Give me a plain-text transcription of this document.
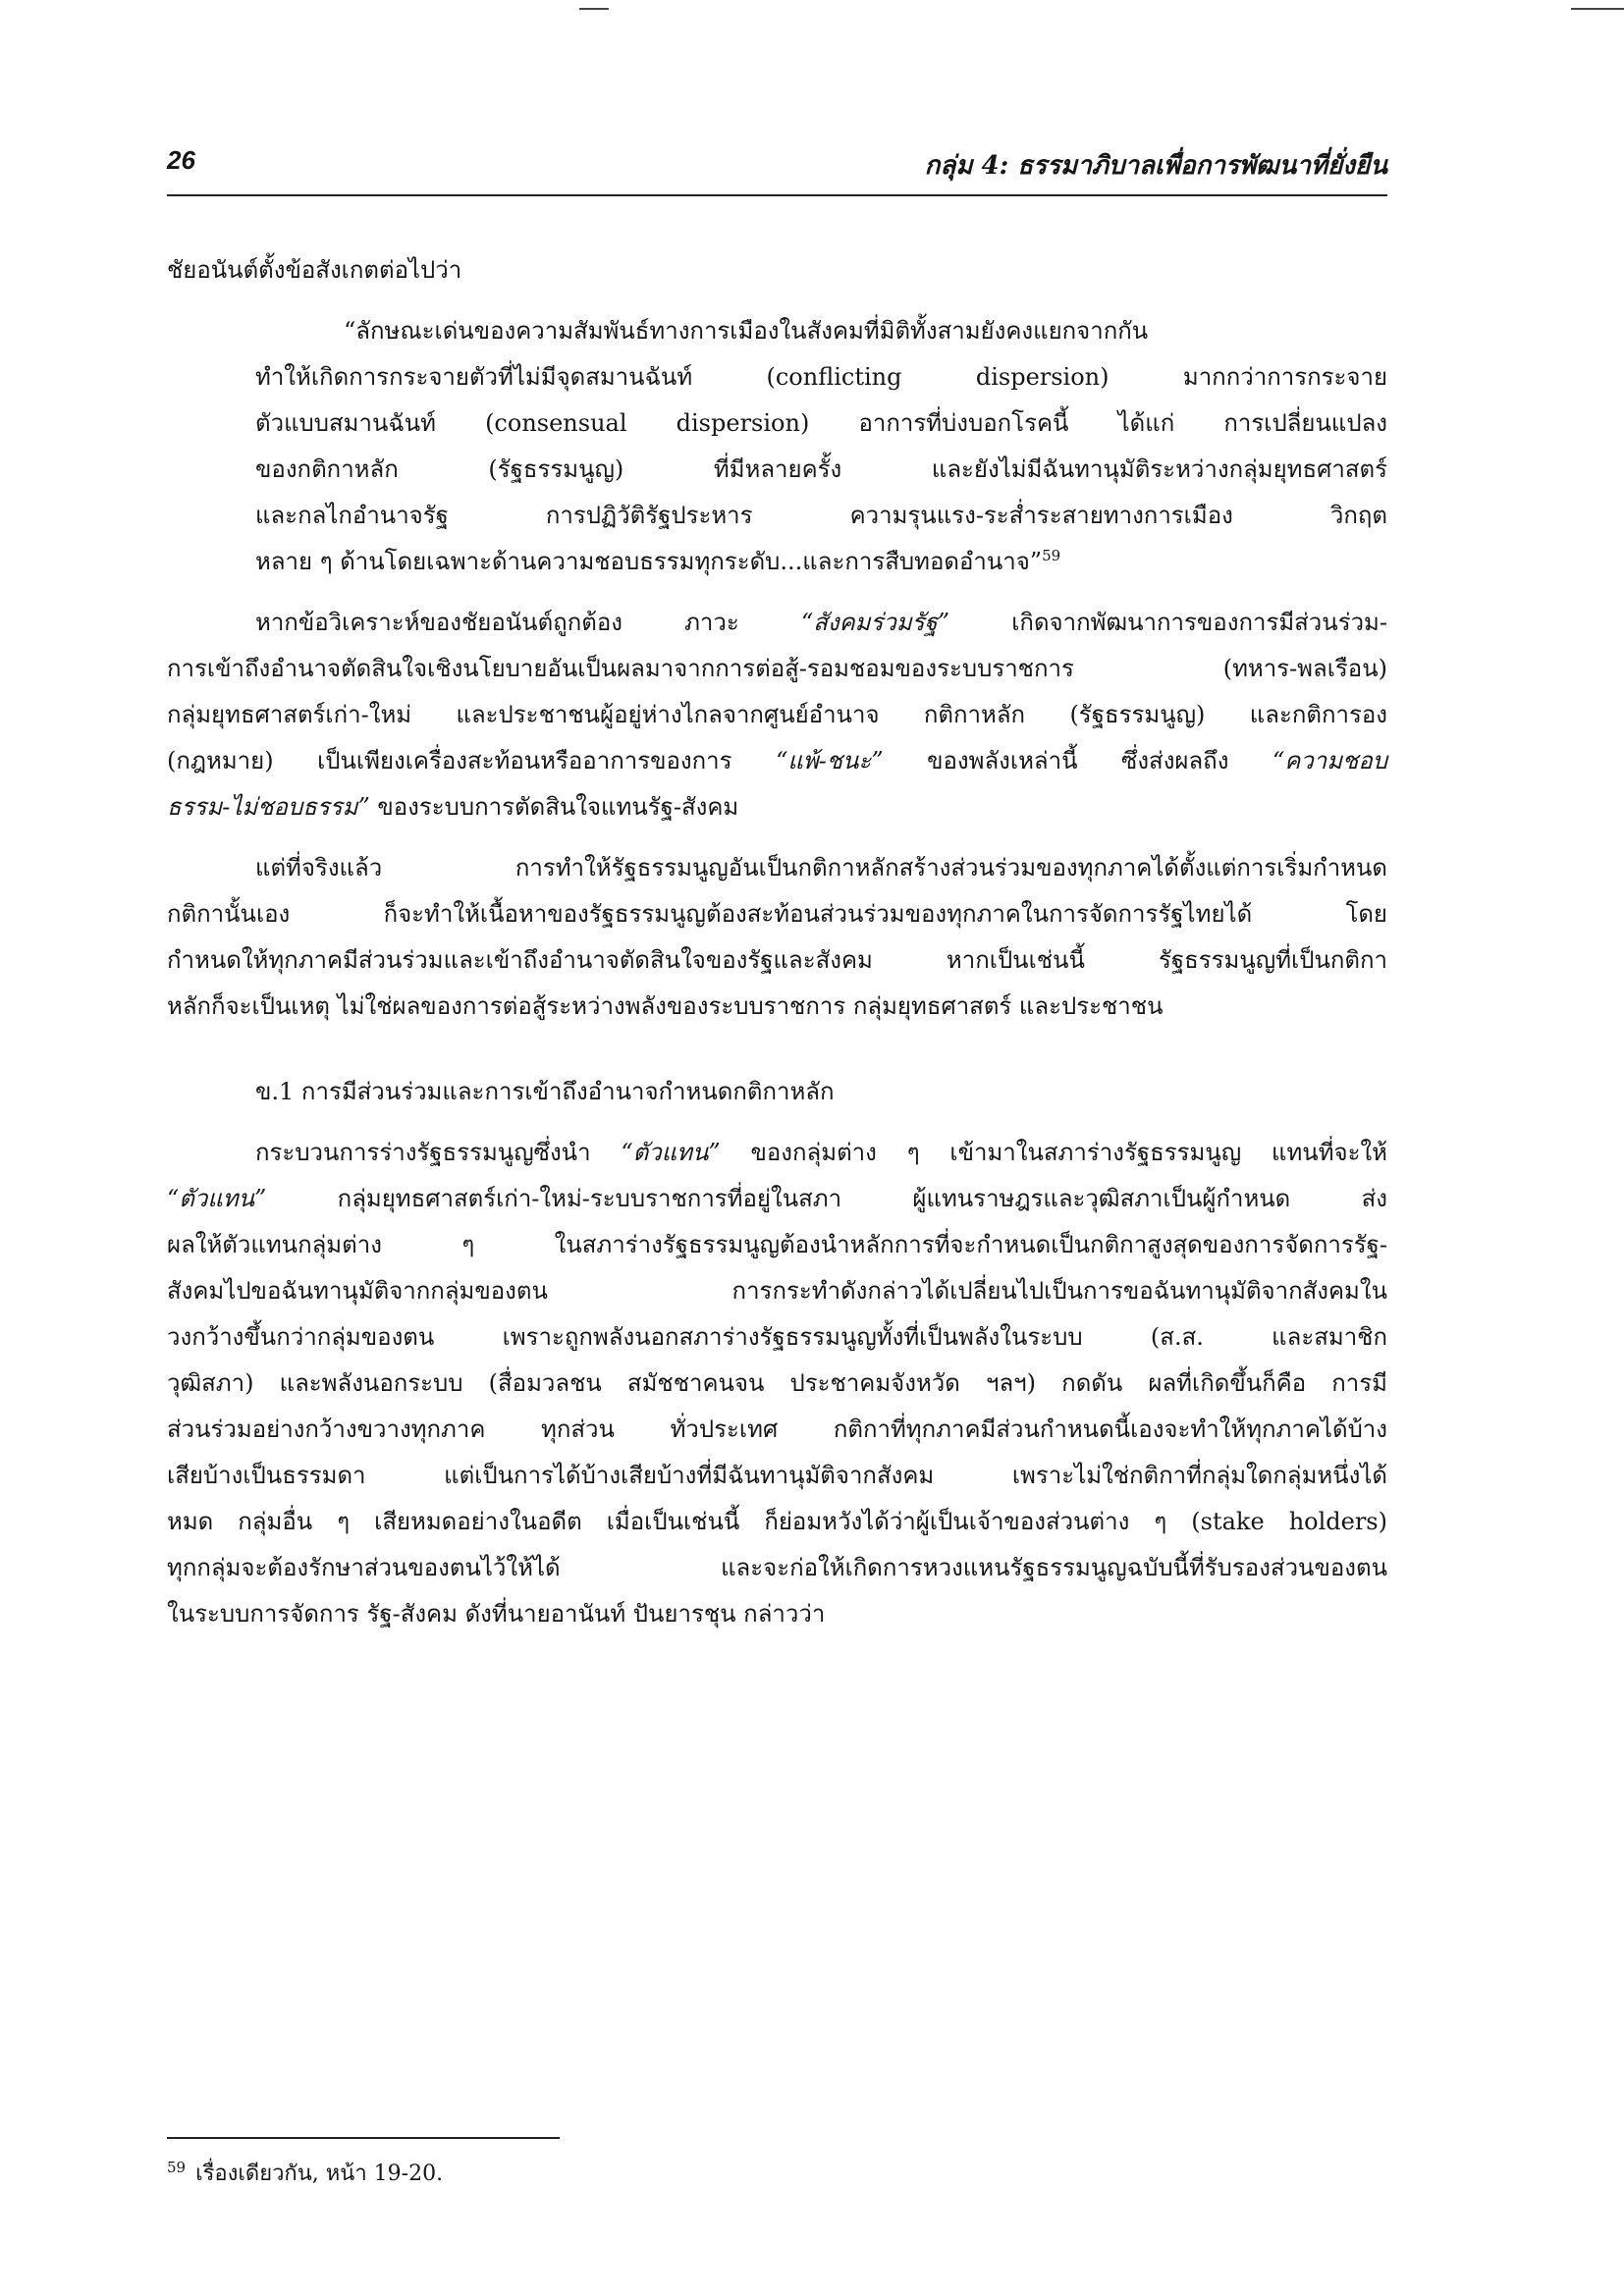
26	กลุ่ม 4: ธรรมาภิบาลเพื่อการพัฒนาที่ยั่งยืน
ชัยอนันต์ตั้งข้อสังเกตต่อไปว่า
“ลักษณะเด่นของความสัมพันธ์ทางการเมืองในสังคมที่มิติทั้งสามยังคงแยกจากกัน
ทำให้เกิดการกระจายตัวที่ไม่มีจุดสมานฉันท์ (conflicting dispersion) มากกว่าการกระจาย
ตัวแบบสมานฉันท์ (consensual dispersion) อาการที่บ่งบอกโรคนี้ ได้แก่ การเปลี่ยนแปลง
ของกติกาหลัก (รัฐธรรมนูญ) ที่มีหลายครั้ง และยังไม่มีฉันทานุมัติระหว่างกลุ่มยุทธศาสตร์
และกลไกอำนาจรัฐ การปฏิวัติรัฐประหาร ความรุนแรง-ระส่ำระสายทางการเมือง วิกฤต
หลาย ๆ ด้านโดยเฉพาะด้านความชอบธรรมทุกระดับ...และการสืบทอดอำนาจ”$^{59}$
หากข้อวิเคราะห์ของชัยอนันต์ถูกต้อง ภาวะ “สังคมร่วมรัฐ” เกิดจากพัฒนาการของการมีส่วนร่วม-
การเข้าถึงอำนาจตัดสินใจเชิงนโยบายอันเป็นผลมาจากการต่อสู้-รอมชอมของระบบราชการ (ทหาร-พลเรือน)
กลุ่มยุทธศาสตร์เก่า-ใหม่ และประชาชนผู้อยู่ห่างไกลจากศูนย์อำนาจ กติกาหลัก (รัฐธรรมนูญ) และกติการอง
(กฎหมาย) เป็นเพียงเครื่องสะท้อนหรืออาการของการ “แพ้-ชนะ” ของพลังเหล่านี้ ซึ่งส่งผลถึง “ความชอบ
ธรรม-ไม่ชอบธรรม” ของระบบการตัดสินใจแทนรัฐ-สังคม
แต่ที่จริงแล้ว การทำให้รัฐธรรมนูญอันเป็นกติกาหลักสร้างส่วนร่วมของทุกภาคได้ตั้งแต่การเริ่มกำหนด
กติกานั้นเอง ก็จะทำให้เนื้อหาของรัฐธรรมนูญต้องสะท้อนส่วนร่วมของทุกภาคในการจัดการรัฐไทยได้ โดย
กำหนดให้ทุกภาคมีส่วนร่วมและเข้าถึงอำนาจตัดสินใจของรัฐและสังคม หากเป็นเช่นนี้ รัฐธรรมนูญที่เป็นกติกา
หลักก็จะเป็นเหตุ ไม่ใช่ผลของการต่อสู้ระหว่างพลังของระบบราชการ กลุ่มยุทธศาสตร์ และประชาชน
ข.1 การมีส่วนร่วมและการเข้าถึงอำนาจกำหนดกติกาหลัก
กระบวนการร่างรัฐธรรมนูญซึ่งนำ “ตัวแทน” ของกลุ่มต่าง ๆ เข้ามาในสภาร่างรัฐธรรมนูญ แทนที่จะให้
“ตัวแทน” กลุ่มยุทธศาสตร์เก่า-ใหม่-ระบบราชการที่อยู่ในสภา ผู้แทนราษฎรและวุฒิสภาเป็นผู้กำหนด ส่ง
ผลให้ตัวแทนกลุ่มต่าง ๆ ในสภาร่างรัฐธรรมนูญต้องนำหลักการที่จะกำหนดเป็นกติกาสูงสุดของการจัดการรัฐ-
สังคมไปขอฉันทานุมัติจากกลุ่มของตน การกระทำดังกล่าวได้เปลี่ยนไปเป็นการขอฉันทานุมัติจากสังคมใน
วงกว้างขึ้นกว่ากลุ่มของตน เพราะถูกพลังนอกสภาร่างรัฐธรรมนูญทั้งที่เป็นพลังในระบบ (ส.ส. และสมาชิก
วุฒิสภา) และพลังนอกระบบ (สื่อมวลชน สมัชชาคนจน ประชาคมจังหวัด ฯลฯ) กดดัน ผลที่เกิดขึ้นก็คือ การมี
ส่วนร่วมอย่างกว้างขวางทุกภาค ทุกส่วน ทั่วประเทศ กติกาที่ทุกภาคมีส่วนกำหนดนี้เองจะทำให้ทุกภาคได้บ้าง
เสียบ้างเป็นธรรมดา แต่เป็นการได้บ้างเสียบ้างที่มีฉันทานุมัติจากสังคม เพราะไม่ใช่กติกาที่กลุ่มใดกลุ่มหนึ่งได้
หมด กลุ่มอื่น ๆ เสียหมดอย่างในอดีต เมื่อเป็นเช่นนี้ ก็ย่อมหวังได้ว่าผู้เป็นเจ้าของส่วนต่าง ๆ (stake holders)
ทุกกลุ่มจะต้องรักษาส่วนของตนไว้ให้ได้ และจะก่อให้เกิดการหวงแหนรัฐธรรมนูญฉบับนี้ที่รับรองส่วนของตน
ในระบบการจัดการ รัฐ-สังคม ดังที่นายอานันท์ ปันยารชุน กล่าวว่า
$^{59}$ เรื่องเดียวกัน, หน้า 19-20.
